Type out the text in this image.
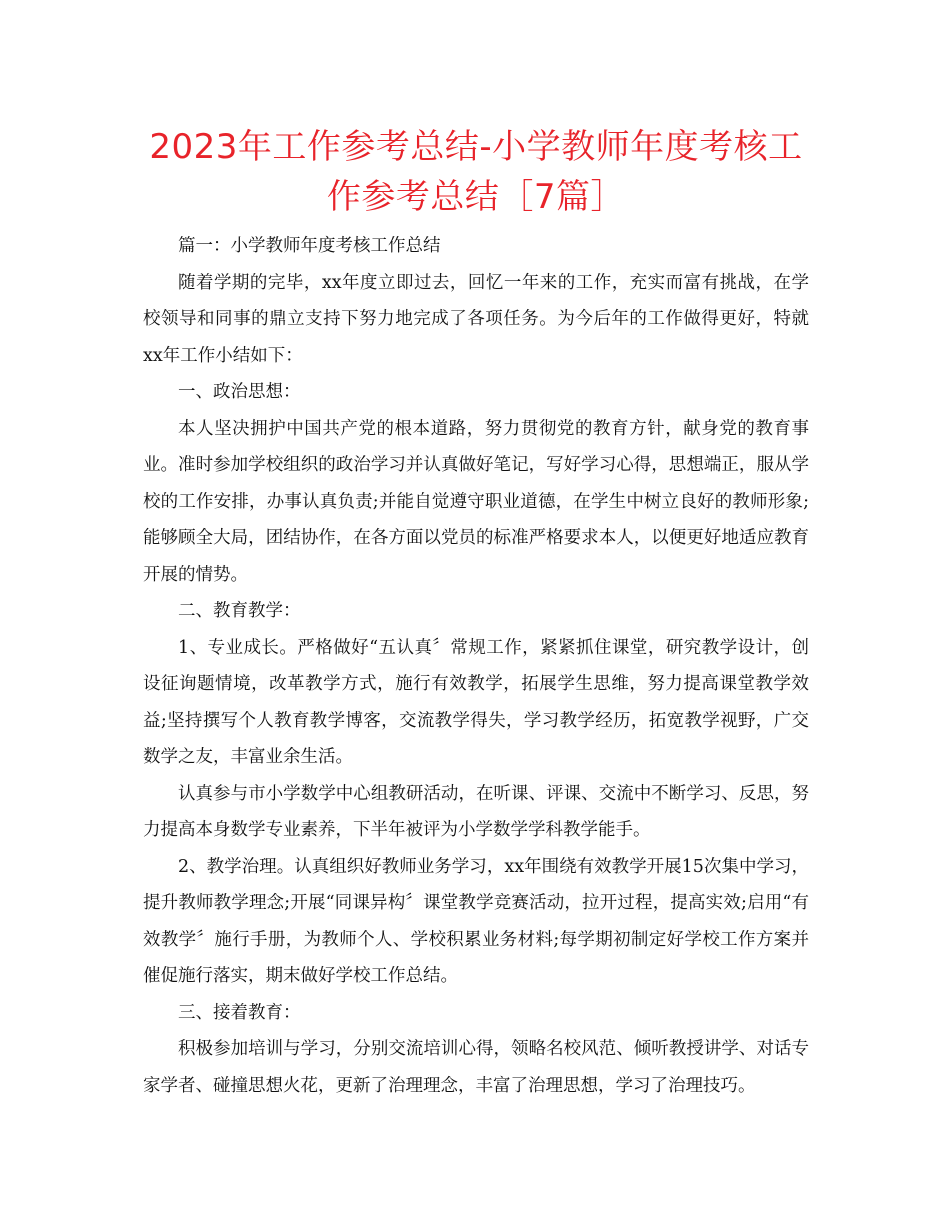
2023年工作参考总结-小学教师年度考核工作参考总结［7篇］

篇一：小学教师年度考核工作总结

随着学期的完毕，xx年度立即过去，回忆一年来的工作，充实而富有挑战，在学校领导和同事的鼎立支持下努力地完成了各项任务。为今后年的工作做得更好，特就xx年工作小结如下：

一、政治思想：

本人坚决拥护中国共产党的根本道路，努力贯彻党的教育方针，献身党的教育事业。准时参加学校组织的政治学习并认真做好笔记，写好学习心得，思想端正，服从学校的工作安排，办事认真负责;并能自觉遵守职业道德，在学生中树立良好的教师形象;能够顾全大局，团结协作，在各方面以党员的标准严格要求本人，以便更好地适应教育开展的情势。

二、教育教学：

1、专业成长。严格做好“五认真〞常规工作，紧紧抓住课堂，研究教学设计，创设征询题情境，改革教学方式，施行有效教学，拓展学生思维，努力提高课堂教学效益;坚持撰写个人教育教学博客，交流教学得失，学习教学经历，拓宽教学视野，广交数学之友，丰富业余生活。

认真参与市小学数学中心组教研活动，在听课、评课、交流中不断学习、反思，努力提高本身数学专业素养，下半年被评为小学数学学科教学能手。

2、教学治理。认真组织好教师业务学习，xx年围绕有效教学开展15次集中学习，提升教师教学理念;开展“同课异构〞课堂教学竞赛活动，拉开过程，提高实效;启用“有效教学〞施行手册，为教师个人、学校积累业务材料;每学期初制定好学校工作方案并催促施行落实，期末做好学校工作总结。

三、接着教育：

积极参加培训与学习，分别交流培训心得，领略名校风范、倾听教授讲学、对话专家学者、碰撞思想火花，更新了治理理念，丰富了治理思想，学习了治理技巧。
